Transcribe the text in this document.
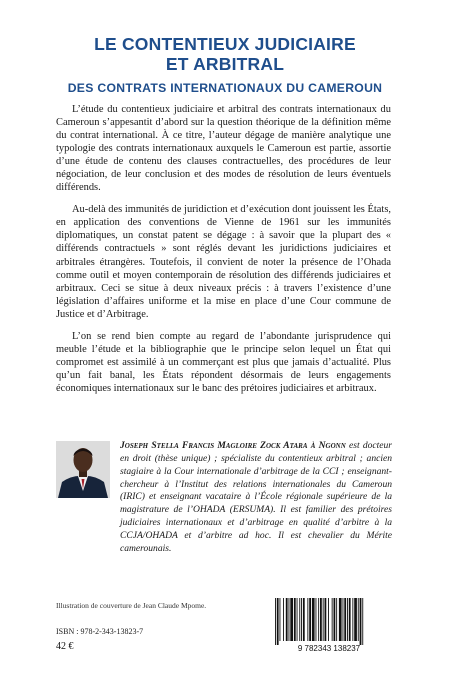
LE CONTENTIEUX JUDICIAIRE
ET ARBITRAL
DES CONTRATS INTERNATIONAUX DU CAMEROUN

L’étude du contentieux judiciaire et arbitral des contrats internationaux du Cameroun s’appesantit d’abord sur la question théorique de la définition même du contrat international. À ce titre, l’auteur dégage de manière analytique une typologie des contrats internationaux auxquels le Cameroun est partie, assortie d’une étude de contenu des clauses contractuelles, des procédures de leur négociation, de leur conclusion et des modes de résolution de leurs éventuels différends.

Au-delà des immunités de juridiction et d’exécution dont jouissent les États, en application des conventions de Vienne de 1961 sur les immunités diplomatiques, un constat patent se dégage : à savoir que la plupart des « différends contractuels » sont réglés devant les juridictions judiciaires et arbitrales étrangères. Toutefois, il convient de noter la présence de l’Ohada comme outil et moyen contemporain de résolution des différends judiciaires et arbitraux. Ceci se situe à deux niveaux précis : à travers l’existence d’une législation d’affaires uniforme et la mise en place d’une Cour commune de Justice et d’Arbitrage.

L’on se rend bien compte au regard de l’abondante jurisprudence qui meuble l’étude et la bibliographie que le principe selon lequel un État qui compromet est assimilé à un commerçant est plus que jamais d’actualité. Plus qu’un fait banal, les États répondent désormais de leurs engagements économiques internationaux sur le banc des prétoires judiciaires et arbitraux.

Joseph Stella Francis Magloire Zock Atara à Ngonn est docteur en droit (thèse unique) ; spécialiste du contentieux arbitral ; ancien stagiaire à la Cour internationale d’arbitrage de la CCI ; enseignant-chercheur à l’Institut des relations internationales du Cameroun (IRIC) et enseignant vacataire à l’École régionale supérieure de la magistrature de l’OHADA (ERSUMA). Il est familier des prétoires judiciaires internationaux et d’arbitrage en qualité d’arbitre à la CCJA/OHADA et d’arbitre ad hoc. Il est chevalier du Mérite camerounais.
Illustration de couverture de Jean Claude Mpome.
ISBN : 978-2-343-13823-7
42 €	9 782343 138237
